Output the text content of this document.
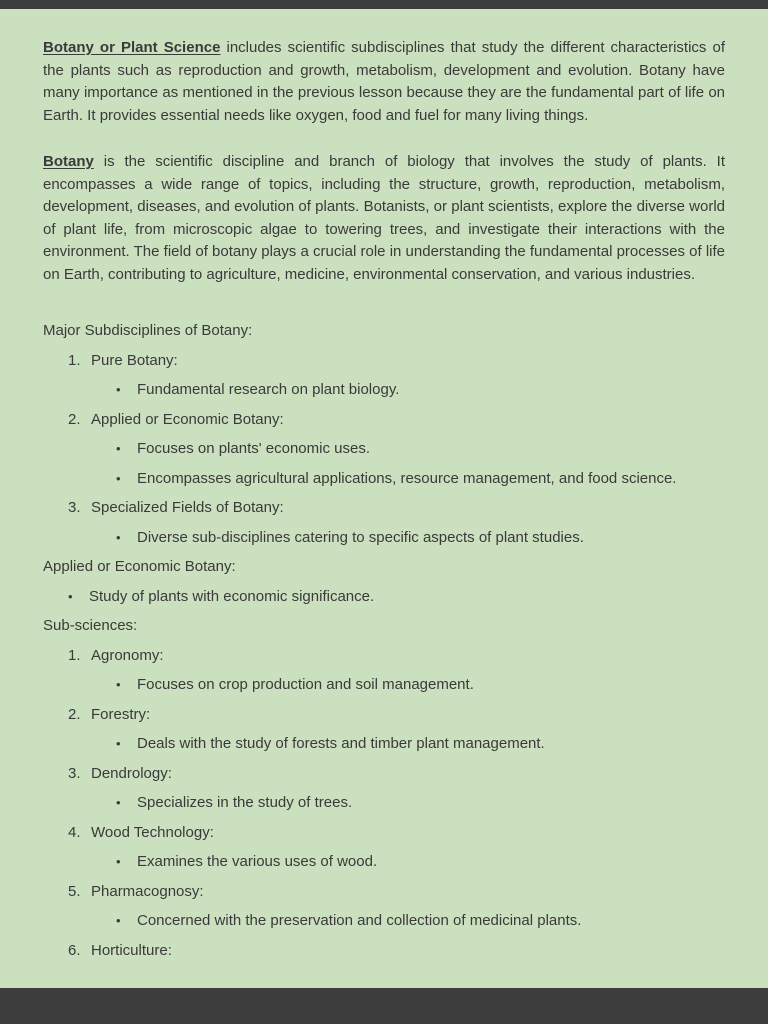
Botany or Plant Science includes scientific subdisciplines that study the different characteristics of the plants such as reproduction and growth, metabolism, development and evolution. Botany have many importance as mentioned in the previous lesson because they are the fundamental part of life on Earth. It provides essential needs like oxygen, food and fuel for many living things.

Botany is the scientific discipline and branch of biology that involves the study of plants. It encompasses a wide range of topics, including the structure, growth, reproduction, metabolism, development, diseases, and evolution of plants. Botanists, or plant scientists, explore the diverse world of plant life, from microscopic algae to towering trees, and investigate their interactions with the environment. The field of botany plays a crucial role in understanding the fundamental processes of life on Earth, contributing to agriculture, medicine, environmental conservation, and various industries.

Major Subdisciplines of Botany:
1. Pure Botany:
•	Fundamental research on plant biology.
2. Applied or Economic Botany:
•	Focuses on plants' economic uses.
•	Encompasses agricultural applications, resource management, and food science.
3. Specialized Fields of Botany:
•	Diverse sub-disciplines catering to specific aspects of plant studies.
Applied or Economic Botany:
•	Study of plants with economic significance.
Sub-sciences:
1. Agronomy:
•	Focuses on crop production and soil management.
2. Forestry:
•	Deals with the study of forests and timber plant management.
3. Dendrology:
•	Specializes in the study of trees.
4. Wood Technology:
•	Examines the various uses of wood.
5. Pharmacognosy:
•	Concerned with the preservation and collection of medicinal plants.
6. Horticulture:
